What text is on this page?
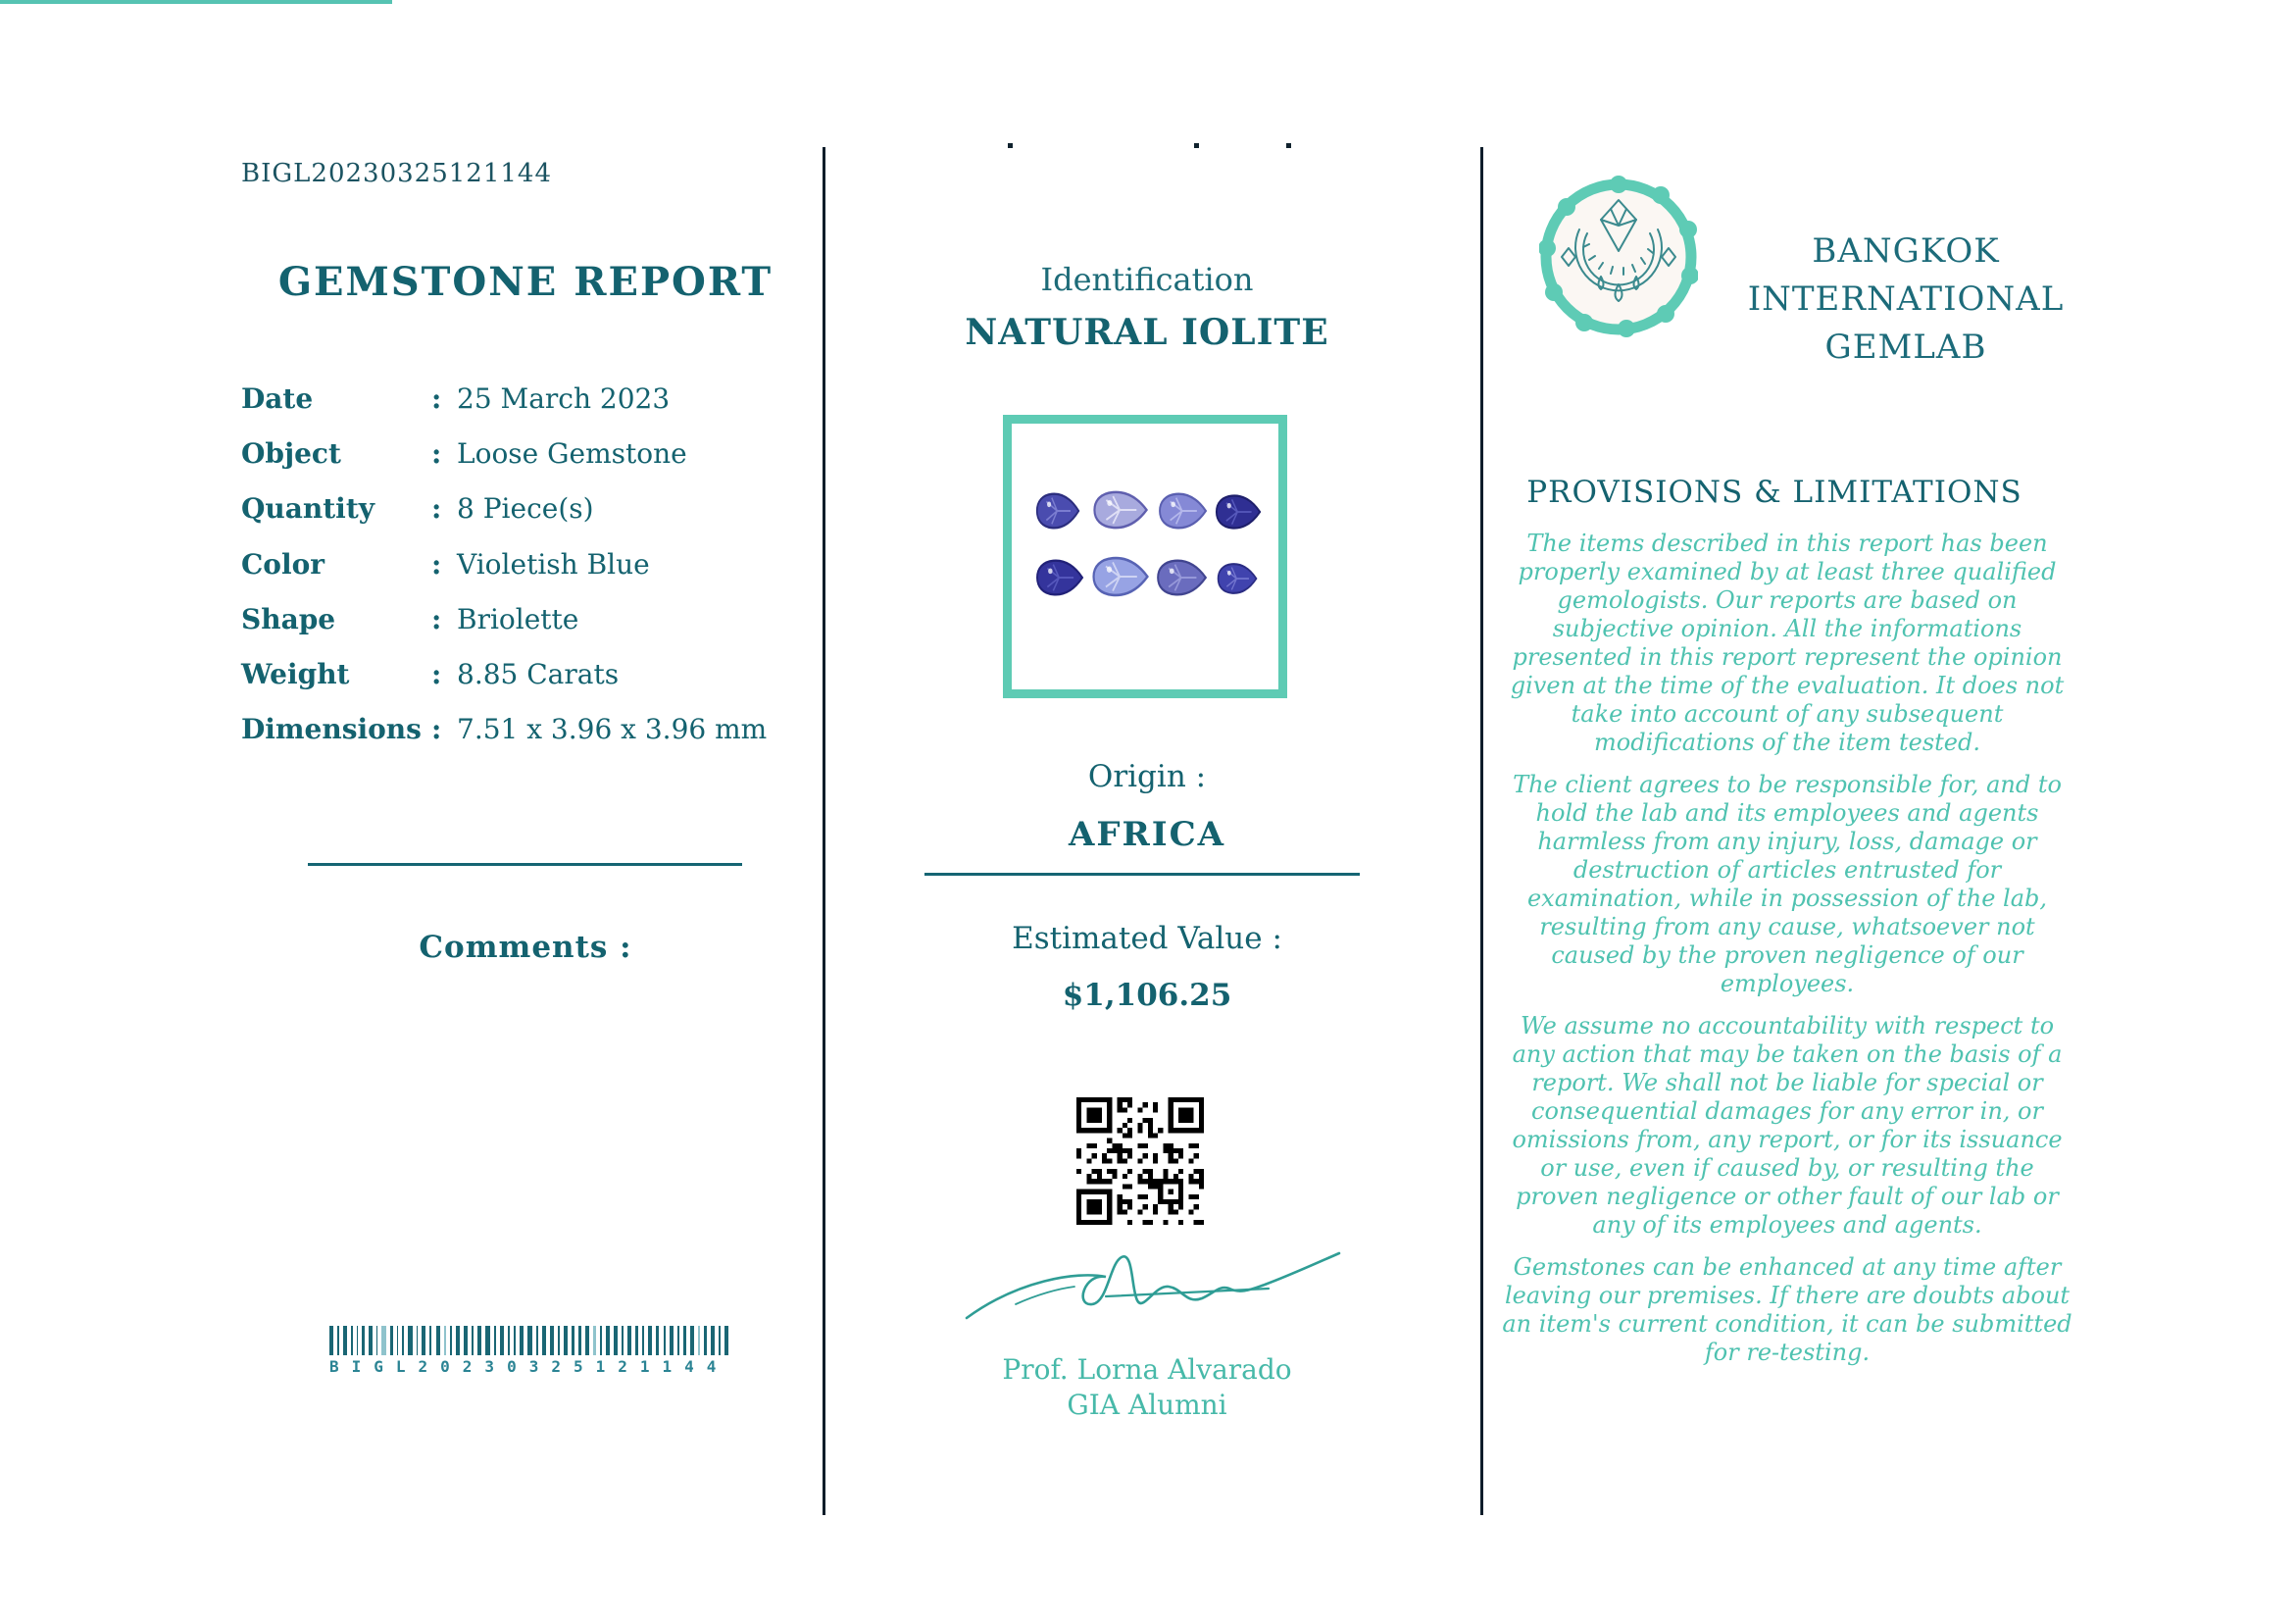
BIGL20230325121144
GEMSTONE REPORT
Date	: 25 March 2023
Object	: Loose Gemstone
Quantity	: 8 Piece(s)
Color	: Violetish Blue
Shape	: Briolette
Weight	: 8.85 Carats
Dimensions : 7.51 x 3.96 x 3.96 mm
Comments :
BIGL20230325121144
Identification
NATURAL IOLITE
Origin :
AFRICA
Estimated Value :
$1,106.25
Prof. Lorna Alvarado
GIA Alumni
BANGKOK
INTERNATIONAL
GEMLAB
PROVISIONS & LIMITATIONS

The items described in this report has been properly examined by at least three qualified gemologists. Our reports are based on subjective opinion. All the informations presented in this report represent the opinion given at the time of the evaluation. It does not take into account of any subsequent modifications of the item tested.

The client agrees to be responsible for, and to hold the lab and its employees and agents harmless from any injury, loss, damage or destruction of articles entrusted for examination, while in possession of the lab, resulting from any cause, whatsoever not caused by the proven negligence of our employees.

We assume no accountability with respect to any action that may be taken on the basis of a report. We shall not be liable for special or consequential damages for any error in, or omissions from, any report, or for its issuance or use, even if caused by, or resulting the proven negligence or other fault of our lab or any of its employees and agents.

Gemstones can be enhanced at any time after leaving our premises. If there are doubts about an item's current condition, it can be submitted for re-testing.
